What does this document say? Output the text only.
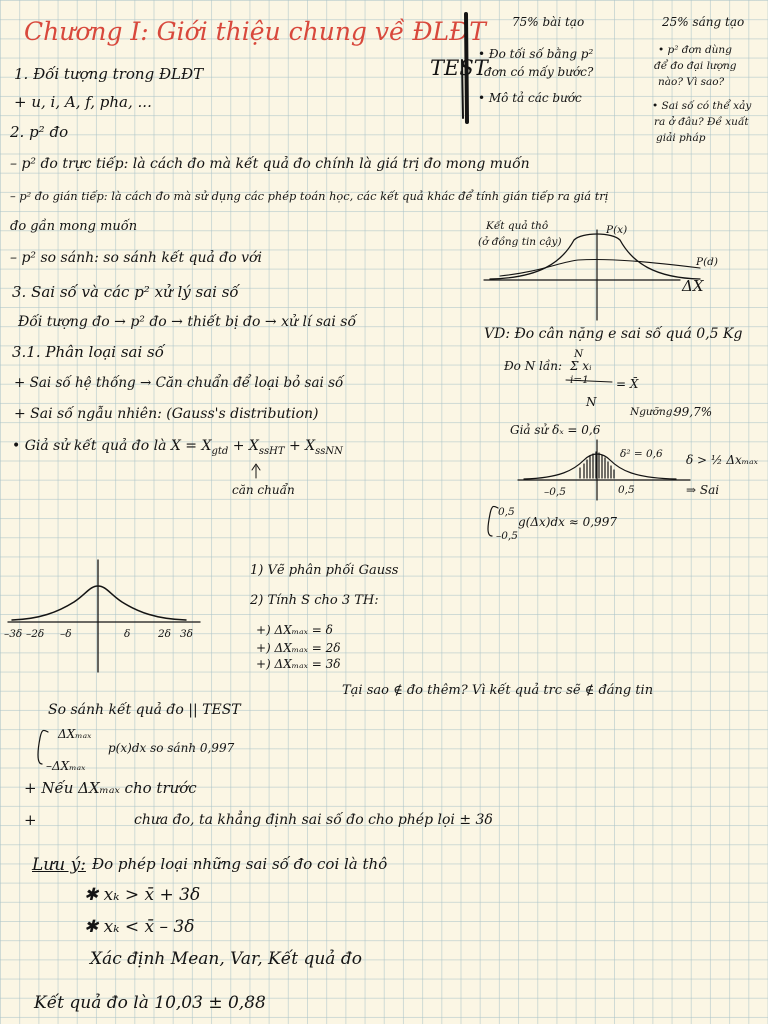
Chương I: Giới thiệu chung về ĐLĐT
TEST
75% bài tạo
• Đo tối số bằng p²
đơn có mấy bước?
• Mô tả các bước
25% sáng tạo
• p² đơn dùng
để đo đại lượng
nào? Vì sao?
• Sai số có thể xảy
ra ở đâu? Đề xuất
giải pháp
1. Đối tượng trong ĐLĐT
+ u, i, A, f, pha, ...
2. p² đo
– p² đo trực tiếp: là cách đo mà kết quả đo chính là giá trị đo mong muốn
– p² đo gián tiếp: là cách đo mà sử dụng các phép toán học, các kết quả khác để tính gián tiếp ra giá trị
đo gần mong muốn
– p² so sánh: so sánh kết quả đo với
3. Sai số và các p² xử lý sai số
Đối tượng đo → p² đo → thiết bị đo → xử lí sai số
3.1. Phân loại sai số
+ Sai số hệ thống → Căn chuẩn để loại bỏ sai số
+ Sai số ngẫu nhiên: (Gauss's distribution)
• Giả sử kết quả đo là $X = X_{gtd} + X_{ssHT} + X_{ssNN}$
căn chuẩn
Kết quả thô
(ở đồng tin cậy)
P(x)
P(d)
ΔX
VD: Đo cân nặng e sai số quá 0,5 Kg
Đo N lần:
N
Σ xᵢ
i=1
N
= X̄
Ngưỡng:
99,7%
Giả sử δₓ = 0,6
δ² = 0,6 δ > ½ Δxₘₐₓ
⇒ Sai
–0,5	0,5
0,5
–0,5
g(Δx)dx ≈ 0,997
–3δ –2δ –δ	δ	2δ 3δ
1) Vẽ phân phối Gauss
2) Tính S cho 3 TH:
+) ΔXₘₐₓ = δ
+) ΔXₘₐₓ = 2δ
+) ΔXₘₐₓ = 3δ
Tại sao ∉ đo thêm? Vì kết quả trc sẽ ∉ đáng tin
So sánh kết quả đo || TEST
ΔXₘₐₓ
–ΔXₘₐₓ
p(x)dx so sánh 0,997
+ Nếu ΔXₘₐₓ cho trước
+	chưa đo, ta khẳng định sai số đo cho phép lọi ± 3δ
Lưu ý: Đo phép loại những sai số đo coi là thô
✱ xₖ > x̄ + 3δ
✱ xₖ < x̄ – 3δ
Xác định Mean, Var, Kết quả đo
Kết quả đo là 10,03 ± 0,88
